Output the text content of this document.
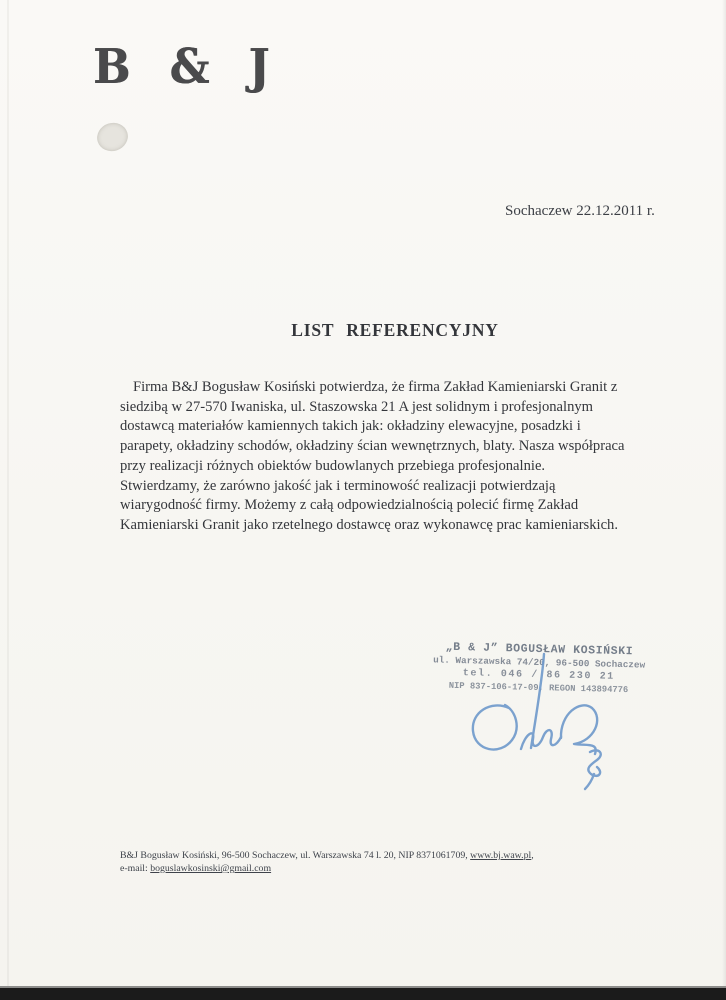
B & J
Sochaczew 22.12.2011 r.
LIST REFERENCYJNY
Firma B&J Bogusław Kosiński potwierdza, że firma Zakład Kamieniarski Granit z siedzibą w 27-570 Iwaniska, ul. Staszowska 21 A jest solidnym i profesjonalnym dostawcą materiałów kamiennych takich jak: okładziny elewacyjne, posadzki i parapety, okładziny schodów, okładziny ścian wewnętrznych, blaty. Nasza współpraca przy realizacji różnych obiektów budowlanych przebiega profesjonalnie. Stwierdzamy, że zarówno jakość jak i terminowość realizacji potwierdzają wiarygodność firmy. Możemy z całą odpowiedzialnością polecić firmę Zakład Kamieniarski Granit jako rzetelnego dostawcę oraz wykonawcę prac kamieniarskich.
„B & J” BOGUSŁAW KOSIŃSKI
ul. Warszawska 74/20, 96-500 Sochaczew
tel. 046 / 86 230 21
NIP 837-106-17-09, REGON 143894776
B&J Bogusław Kosiński, 96-500 Sochaczew, ul. Warszawska 74 l. 20, NIP 8371061709, www.bj.waw.pl,
e-mail: boguslawkosinski@gmail.com
